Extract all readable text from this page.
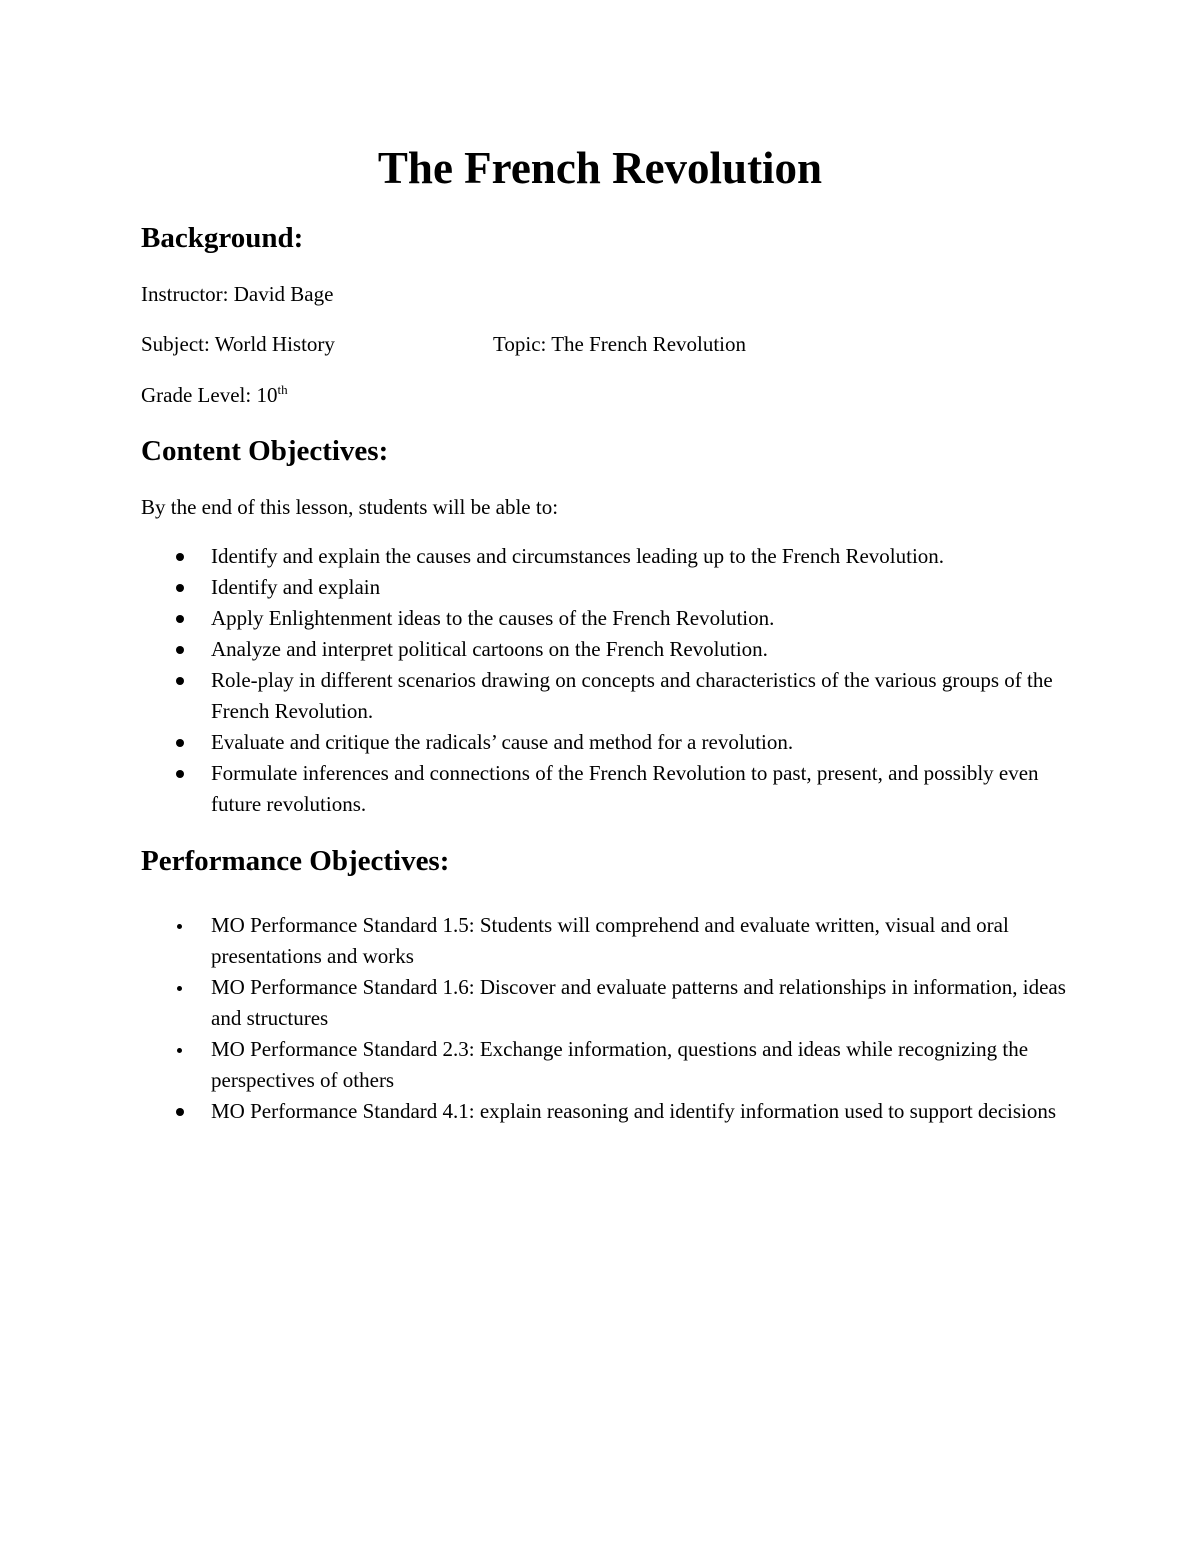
The French Revolution
Background:
Instructor: David Bage
Subject: World History	Topic: The French Revolution
Grade Level: 10th
Content Objectives:
By the end of this lesson, students will be able to:
Identify and explain the causes and circumstances leading up to the French Revolution.
Identify and explain
Apply Enlightenment ideas to the causes of the French Revolution.
Analyze and interpret political cartoons on the French Revolution.
Role-play in different scenarios drawing on concepts and characteristics of the various groups of the French Revolution.
Evaluate and critique the radicals’ cause and method for a revolution.
Formulate inferences and connections of the French Revolution to past, present, and possibly even future revolutions.
Performance Objectives:
MO Performance Standard 1.5: Students will comprehend and evaluate written, visual and oral presentations and works
MO Performance Standard 1.6: Discover and evaluate patterns and relationships in information, ideas and structures
MO Performance Standard 2.3: Exchange information, questions and ideas while recognizing the perspectives of others
MO Performance Standard 4.1: explain reasoning and identify information used to support decisions
